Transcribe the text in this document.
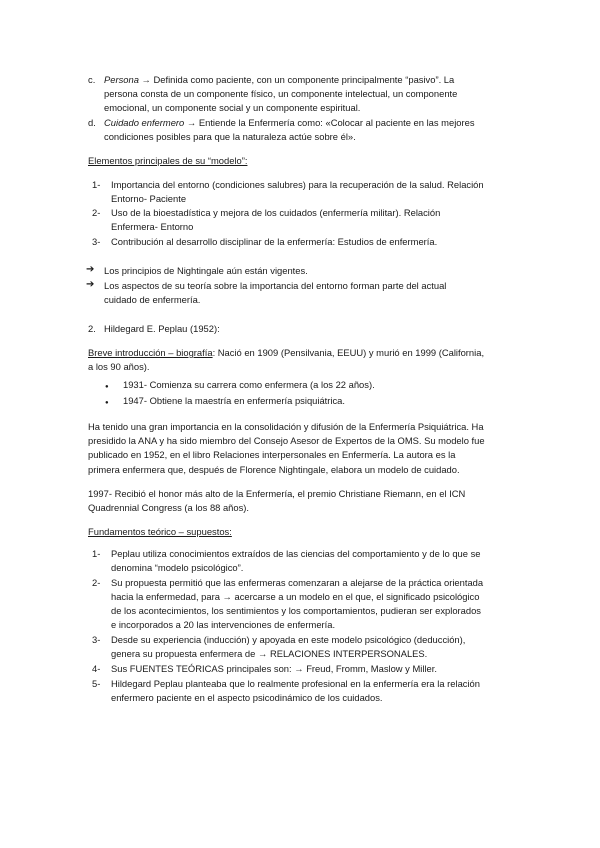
c. Persona → Definida como paciente, con un componente principalmente “pasivo”. La
persona consta de un componente físico, un componente intelectual, un componente
emocional, un componente social y un componente espiritual.
d. Cuidado enfermero → Entiende la Enfermería como: «Colocar al paciente en las mejores
condiciones posibles para que la naturaleza actúe sobre él».
Elementos principales de su “modelo”:
1- Importancia del entorno (condiciones salubres) para la recuperación de la salud. Relación
Entorno- Paciente
2- Uso de la bioestadística y mejora de los cuidados (enfermería militar). Relación
Enfermera- Entorno
3- Contribución al desarrollo disciplinar de la enfermería: Estudios de enfermería.
➔ Los principios de Nightingale aún están vigentes.
➔ Los aspectos de su teoría sobre la importancia del entorno forman parte del actual
cuidado de enfermería.
2. Hildegard E. Peplau (1952):
Breve introducción – biografía: Nació en 1909 (Pensilvania, EEUU) y murió en 1999 (California,
a los 90 años).
● 1931- Comienza su carrera como enfermera (a los 22 años).
● 1947- Obtiene la maestría en enfermería psiquiátrica.
Ha tenido una gran importancia en la consolidación y difusión de la Enfermería Psiquiátrica. Ha
presidido la ANA y ha sido miembro del Consejo Asesor de Expertos de la OMS. Su modelo fue
publicado en 1952, en el libro Relaciones interpersonales en Enfermería. La autora es la
primera enfermera que, después de Florence Nightingale, elabora un modelo de cuidado.
1997- Recibió el honor más alto de la Enfermería, el premio Christiane Riemann, en el ICN
Quadrennial Congress (a los 88 años).
Fundamentos teórico – supuestos:
1- Peplau utiliza conocimientos extraídos de las ciencias del comportamiento y de lo que se
denomina “modelo psicológico”.
2- Su propuesta permitió que las enfermeras comenzaran a alejarse de la práctica orientada
hacia la enfermedad, para → acercarse a un modelo en el que, el significado psicológico
de los acontecimientos, los sentimientos y los comportamientos, pudieran ser explorados
e incorporados a 20 las intervenciones de enfermería.
3- Desde su experiencia (inducción) y apoyada en este modelo psicológico (deducción),
genera su propuesta enfermera de → RELACIONES INTERPERSONALES.
4- Sus FUENTES TEÓRICAS principales son: → Freud, Fromm, Maslow y Miller.
5- Hildegard Peplau planteaba que lo realmente profesional en la enfermería era la relación
enfermero paciente en el aspecto psicodinámico de los cuidados.
